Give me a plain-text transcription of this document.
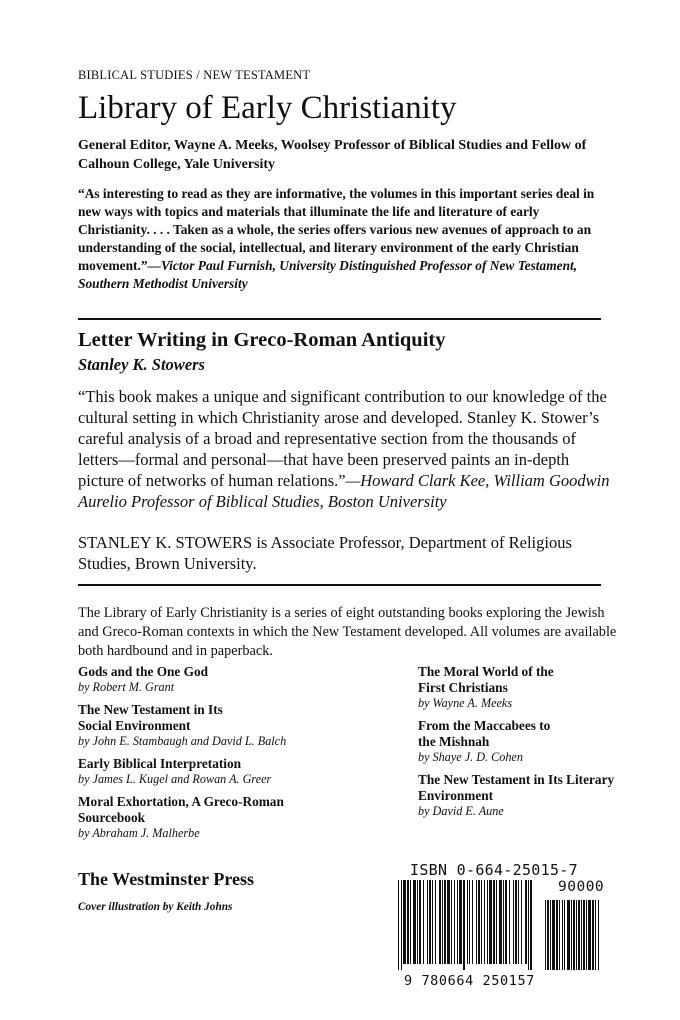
BIBLICAL STUDIES / NEW TESTAMENT
Library of Early Christianity
General Editor, Wayne A. Meeks, Woolsey Professor of Biblical Studies and Fellow of Calhoun College, Yale University
“As interesting to read as they are informative, the volumes in this important series deal in new ways with topics and materials that illuminate the life and literature of early Christianity. . . . Taken as a whole, the series offers various new avenues of approach to an understanding of the social, intellectual, and literary environment of the early Christian movement.”—Victor Paul Furnish, University Distinguished Professor of New Testament, Southern Methodist University
Letter Writing in Greco-Roman Antiquity
Stanley K. Stowers
“This book makes a unique and significant contribution to our knowledge of the cultural setting in which Christianity arose and developed. Stanley K. Stower’s careful analysis of a broad and representative section from the thousands of letters—formal and personal—that have been preserved paints an in-depth picture of networks of human relations.”—Howard Clark Kee, William Goodwin Aurelio Professor of Biblical Studies, Boston University
STANLEY K. STOWERS is Associate Professor, Department of Religious Studies, Brown University.
The Library of Early Christianity is a series of eight outstanding books exploring the Jewish and Greco-Roman contexts in which the New Testament developed. All volumes are available both hardbound and in paperback.
Gods and the One God
by Robert M. Grant
The New Testament in Its Social Environment
by John E. Stambaugh and David L. Balch
Early Biblical Interpretation
by James L. Kugel and Rowan A. Greer
Moral Exhortation, A Greco-Roman Sourcebook
by Abraham J. Malherbe
The Moral World of the First Christians
by Wayne A. Meeks
From the Maccabees to the Mishnah
by Shaye J. D. Cohen
The New Testament in Its Literary Environment
by David E. Aune
The Westminster Press
Cover illustration by Keith Johns
ISBN 0-664-25015-7
90000
9 780664 250157
